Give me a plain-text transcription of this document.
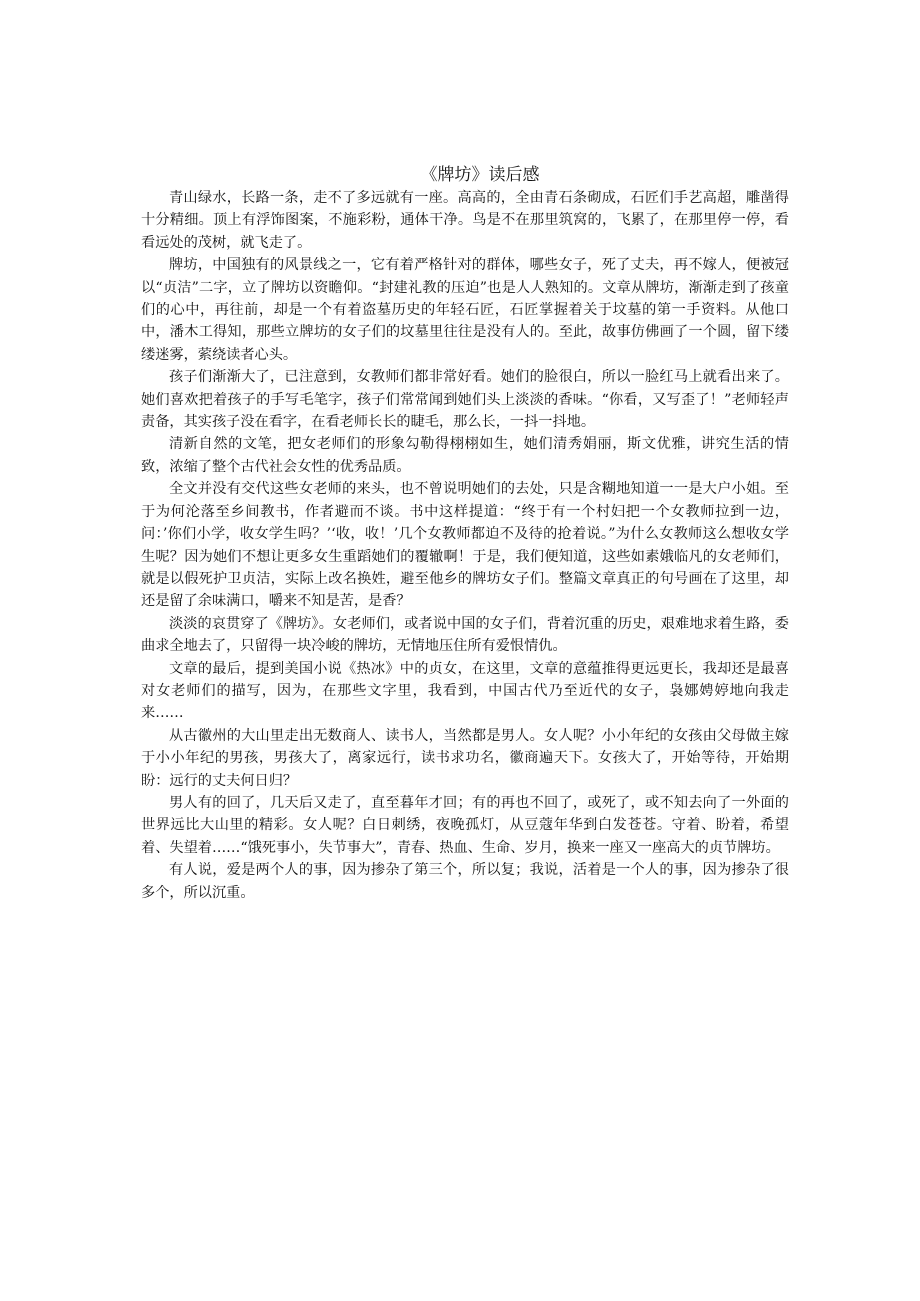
《牌坊》读后感

青山绿水，长路一条，走不了多远就有一座。高高的，全由青石条砌成，石匠们手艺高超，雕凿得十分精细。顶上有浮饰图案，不施彩粉，通体干净。鸟是不在那里筑窝的，飞累了，在那里停一停，看看远处的茂树，就飞走了。

牌坊，中国独有的风景线之一，它有着严格针对的群体，哪些女子，死了丈夫，再不嫁人，便被冠以“贞洁”二字，立了牌坊以资瞻仰。“封建礼教的压迫”也是人人熟知的。文章从牌坊，渐渐走到了孩童们的心中，再往前，却是一个有着盗墓历史的年轻石匠，石匠掌握着关于坟墓的第一手资料。从他口中，潘木工得知，那些立牌坊的女子们的坟墓里往往是没有人的。至此，故事仿佛画了一个圆，留下缕缕迷雾，萦绕读者心头。

孩子们渐渐大了，已注意到，女教师们都非常好看。她们的脸很白，所以一脸红马上就看出来了。她们喜欢把着孩子的手写毛笔字，孩子们常常闻到她们头上淡淡的香味。“你看，又写歪了！”老师轻声责备，其实孩子没在看字，在看老师长长的睫毛，那么长，一抖一抖地。

清新自然的文笔，把女老师们的形象勾勒得栩栩如生，她们清秀娟丽，斯文优雅，讲究生活的情致，浓缩了整个古代社会女性的优秀品质。

全文并没有交代这些女老师的来头，也不曾说明她们的去处，只是含糊地知道一一是大户小姐。至于为何沦落至乡间教书，作者避而不谈。书中这样提道：“终于有一个村妇把一个女教师拉到一边，问：’你们小学，收女学生吗？’‘收，收！’几个女教师都迫不及待的抢着说。”为什么女教师这么想收女学生呢？因为她们不想让更多女生重蹈她们的覆辙啊！于是，我们便知道，这些如素娥临凡的女老师们，就是以假死护卫贞洁，实际上改名换姓，避至他乡的牌坊女子们。整篇文章真正的句号画在了这里，却还是留了余味满口，嚼来不知是苦，是香？

淡淡的哀贯穿了《牌坊》。女老师们，或者说中国的女子们，背着沉重的历史，艰难地求着生路，委曲求全地去了，只留得一块冷峻的牌坊，无情地压住所有爱恨情仇。

文章的最后，提到美国小说《热冰》中的贞女，在这里，文章的意蕴推得更远更长，我却还是最喜对女老师们的描写，因为，在那些文字里，我看到，中国古代乃至近代的女子，袅娜娉婷地向我走来……

从古徽州的大山里走出无数商人、读书人，当然都是男人。女人呢？小小年纪的女孩由父母做主嫁于小小年纪的男孩，男孩大了，离家远行，读书求功名，徽商遍天下。女孩大了，开始等待，开始期盼：远行的丈夫何日归？

男人有的回了，几天后又走了，直至暮年才回；有的再也不回了，或死了，或不知去向了一外面的世界远比大山里的精彩。女人呢？白日刺绣，夜晚孤灯，从豆蔻年华到白发苍苍。守着、盼着，希望着、失望着……“饿死事小，失节事大”，青春、热血、生命、岁月，换来一座又一座高大的贞节牌坊。

有人说，爱是两个人的事，因为掺杂了第三个，所以复；我说，活着是一个人的事，因为掺杂了很多个，所以沉重。
